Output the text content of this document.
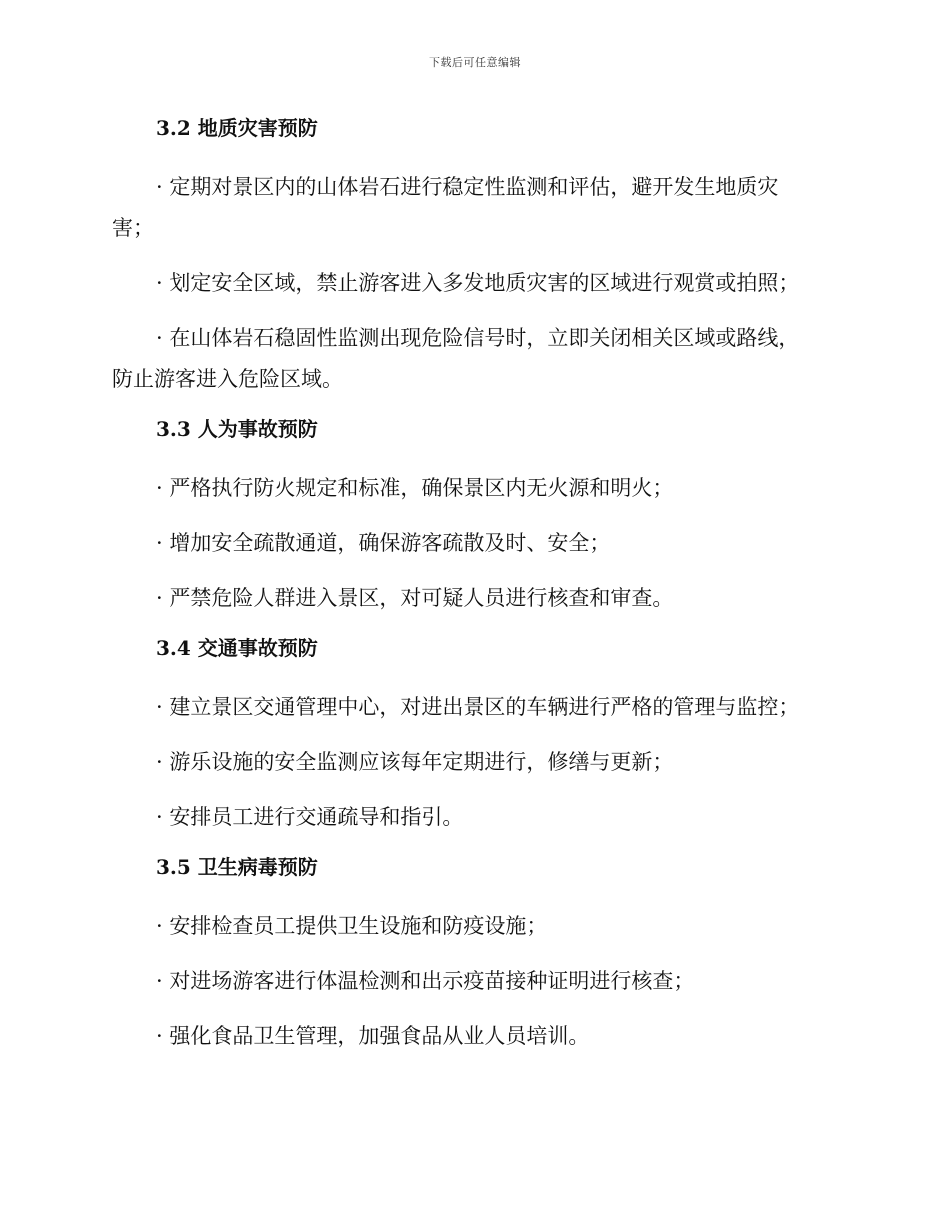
下载后可任意编辑
3.2 地质灾害预防

· 定期对景区内的山体岩石进行稳定性监测和评估，避开发生地质灾害；

· 划定安全区域，禁止游客进入多发地质灾害的区域进行观赏或拍照；

· 在山体岩石稳固性监测出现危险信号时，立即关闭相关区域或路线，防止游客进入危险区域。

3.3 人为事故预防

· 严格执行防火规定和标准，确保景区内无火源和明火；

· 增加安全疏散通道，确保游客疏散及时、安全；

· 严禁危险人群进入景区，对可疑人员进行核查和审查。

3.4 交通事故预防

· 建立景区交通管理中心，对进出景区的车辆进行严格的管理与监控；

· 游乐设施的安全监测应该每年定期进行，修缮与更新；

· 安排员工进行交通疏导和指引。

3.5 卫生病毒预防

· 安排检查员工提供卫生设施和防疫设施；

· 对进场游客进行体温检测和出示疫苗接种证明进行核查；

· 强化食品卫生管理，加强食品从业人员培训。
